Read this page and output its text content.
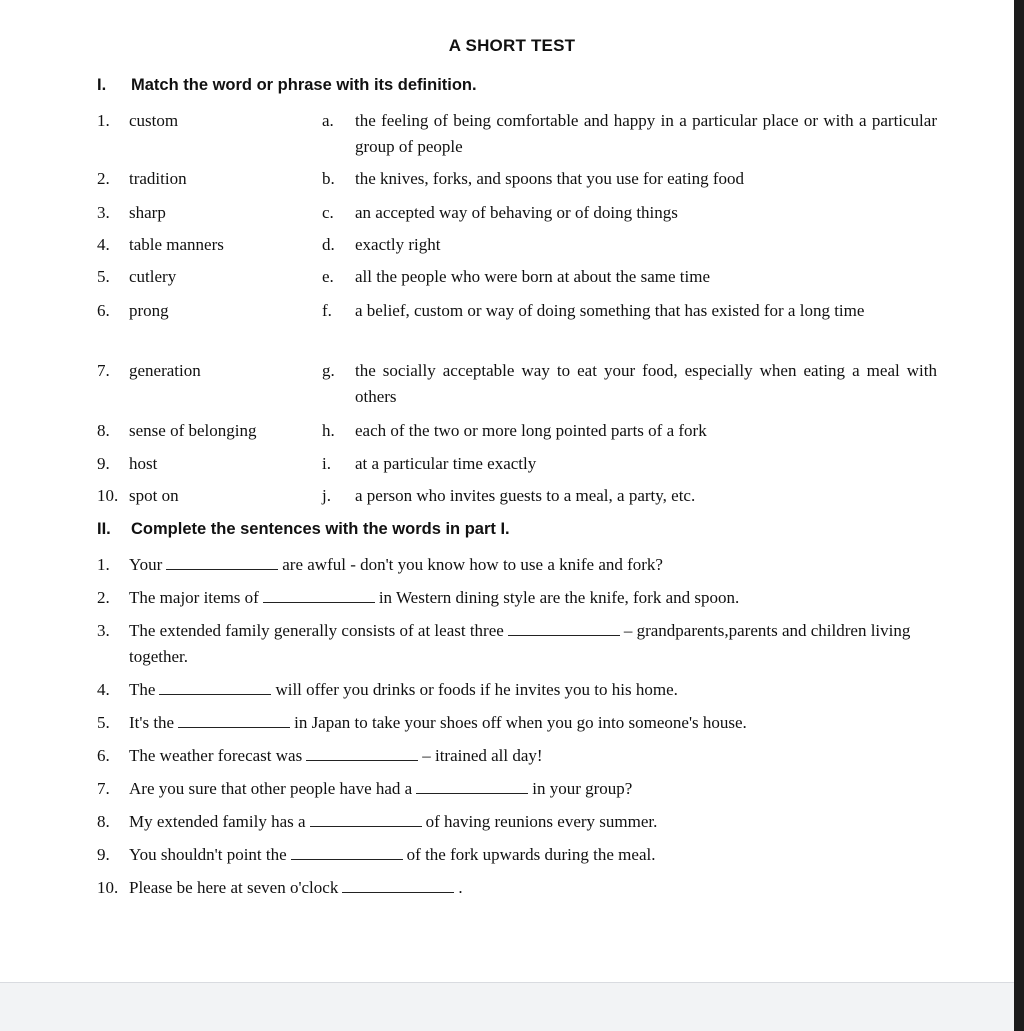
A SHORT TEST
I. Match the word or phrase with its definition.
1. custom	a. the feeling of being comfortable and happy in a particular place or with a particular group of people
2. tradition	b. the knives, forks, and spoons that you use for eating food
3. sharp	c. an accepted way of behaving or of doing things
4. table manners	d. exactly right
5. cutlery	e. all the people who were born at about the same time
6. prong	f. a belief, custom or way of doing something that has existed for a long time
7. generation	g. the socially acceptable way to eat your food, especially when eating a meal with others
8. sense of belonging	h. each of the two or more long pointed parts of a fork
9. host	i. at a particular time exactly
10. spot on	j. a person who invites guests to a meal, a party, etc.
II. Complete the sentences with the words in part I.
1. Your	are awful - don't you know how to use a knife and fork?
2. The major items of	in Western dining style are the knife, fork and spoon.
3. The extended family generally consists of at least three	– grandparents,parents and children living together.
4. The	will offer you drinks or foods if he invites you to his home.
5. It's the	in Japan to take your shoes off when you go into someone's house.
6. The weather forecast was	– itrained all day!
7. Are you sure that other people have had a	in your group?
8. My extended family has a	of having reunions every summer.
9. You shouldn't point the	of the fork upwards during the meal.
10. Please be here at seven o'clock	.
